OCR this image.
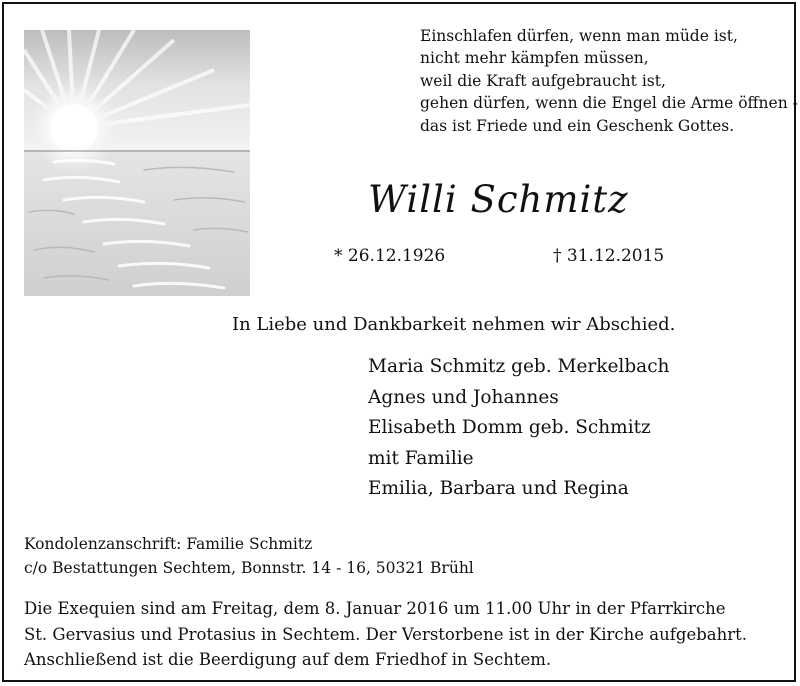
Einschlafen dürfen, wenn man müde ist,
nicht mehr kämpfen müssen,
weil die Kraft aufgebraucht ist,
gehen dürfen, wenn die Engel die Arme öffnen -
das ist Friede und ein Geschenk Gottes.
Willi Schmitz
* 26.12.1926	† 31.12.2015
In Liebe und Dankbarkeit nehmen wir Abschied.
Maria Schmitz geb. Merkelbach
Agnes und Johannes
Elisabeth Domm geb. Schmitz
mit Familie
Emilia, Barbara und Regina
Kondolenzanschrift: Familie Schmitz
c/o Bestattungen Sechtem, Bonnstr. 14 - 16, 50321 Brühl
Die Exequien sind am Freitag, dem 8. Januar 2016 um 11.00 Uhr in der Pfarrkirche
St. Gervasius und Protasius in Sechtem. Der Verstorbene ist in der Kirche aufgebahrt.
Anschließend ist die Beerdigung auf dem Friedhof in Sechtem.
